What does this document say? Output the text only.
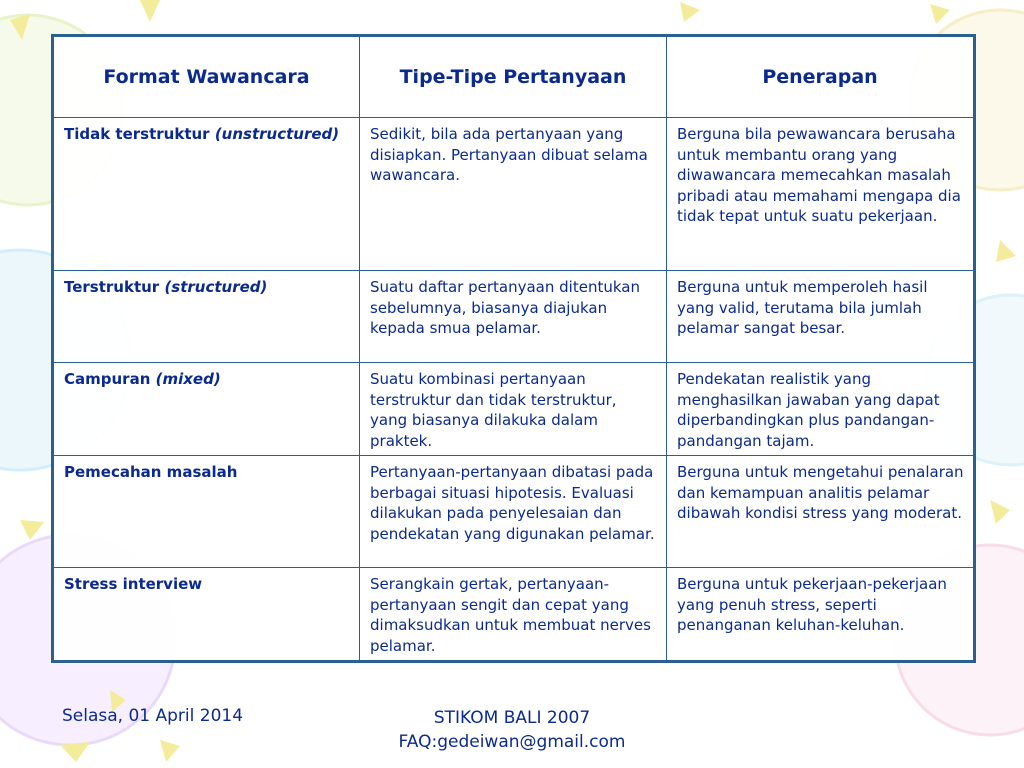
Format Wawancara	Tipe-Tipe Pertanyaan	Penerapan
Tidak terstruktur (unstructured)	Sedikit, bila ada pertanyaan yang disiapkan. Pertanyaan dibuat selama wawancara.	Berguna bila pewawancara berusaha untuk membantu orang yang diwawancara memecahkan masalah pribadi atau memahami mengapa dia tidak tepat untuk suatu pekerjaan.
Terstruktur (structured)	Suatu daftar pertanyaan ditentukan sebelumnya, biasanya diajukan kepada smua pelamar.	Berguna untuk memperoleh hasil yang valid, terutama bila jumlah pelamar sangat besar.
Campuran (mixed)	Suatu kombinasi pertanyaan terstruktur dan tidak terstruktur, yang biasanya dilakuka dalam praktek.	Pendekatan realistik yang menghasilkan jawaban yang dapat diperbandingkan plus pandangan-pandangan tajam.
Pemecahan masalah	Pertanyaan-pertanyaan dibatasi pada berbagai situasi hipotesis. Evaluasi dilakukan pada penyelesaian dan pendekatan yang digunakan pelamar.	Berguna untuk mengetahui penalaran dan kemampuan analitis pelamar dibawah kondisi stress yang moderat.
Stress interview	Serangkain gertak, pertanyaan-pertanyaan sengit dan cepat yang dimaksudkan untuk membuat nerves pelamar.	Berguna untuk pekerjaan-pekerjaan yang penuh stress, seperti penanganan keluhan-keluhan.
Selasa, 01 April 2014	STIKOM BALI 2007
FAQ:gedeiwan@gmail.com
